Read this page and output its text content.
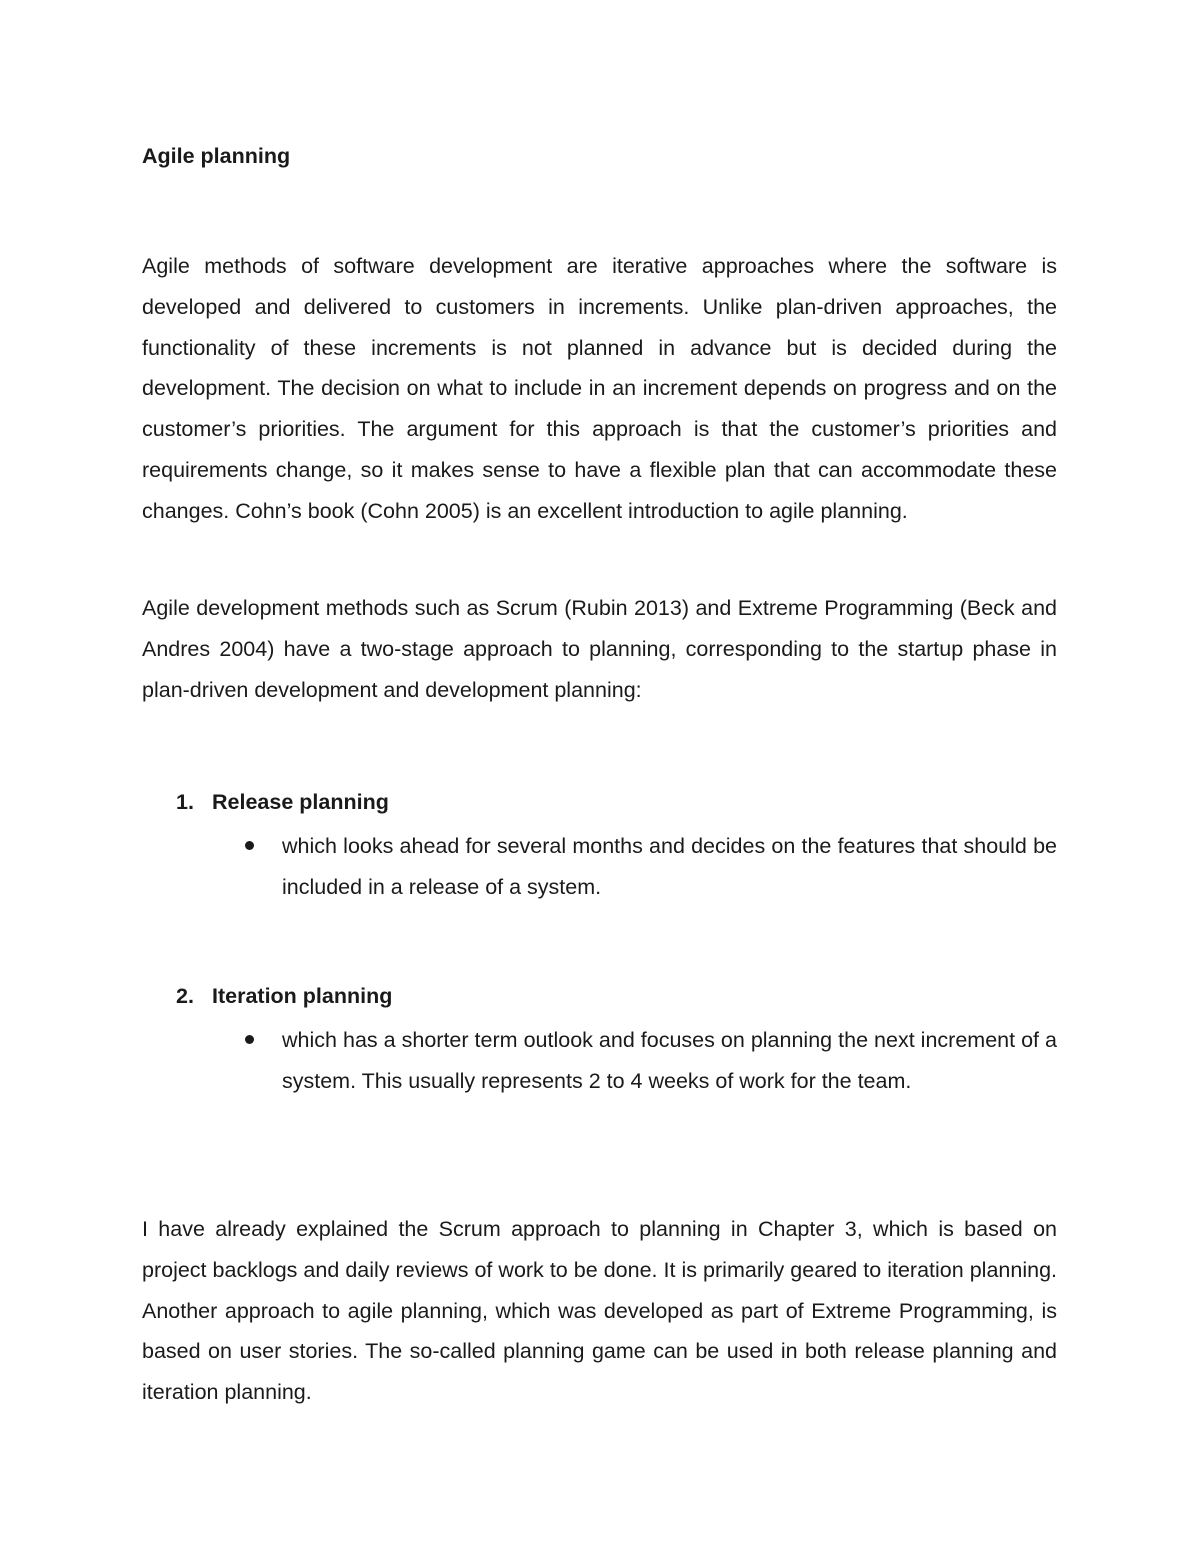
Agile planning

Agile methods of software development are iterative approaches where the software is developed and delivered to customers in increments. Unlike plan-driven approaches, the functionality of these increments is not planned in advance but is decided during the development. The decision on what to include in an increment depends on progress and on the customer’s priorities. The argument for this approach is that the customer’s priorities and requirements change, so it makes sense to have a flexible plan that can accommodate these changes. Cohn’s book (Cohn 2005) is an excellent introduction to agile planning.

Agile development methods such as Scrum (Rubin 2013) and Extreme Programming (Beck and Andres 2004) have a two-stage approach to planning, corresponding to the startup phase in plan-driven development and development planning:

1. Release planning

which looks ahead for several months and decides on the features that should be included in a release of a system.

2. Iteration planning

which has a shorter term outlook and focuses on planning the next increment of a system. This usually represents 2 to 4 weeks of work for the team.

I have already explained the Scrum approach to planning in Chapter 3, which is based on project backlogs and daily reviews of work to be done. It is primarily geared to iteration planning. Another approach to agile planning, which was developed as part of Extreme Programming, is based on user stories. The so-called planning game can be used in both release planning and iteration planning.
